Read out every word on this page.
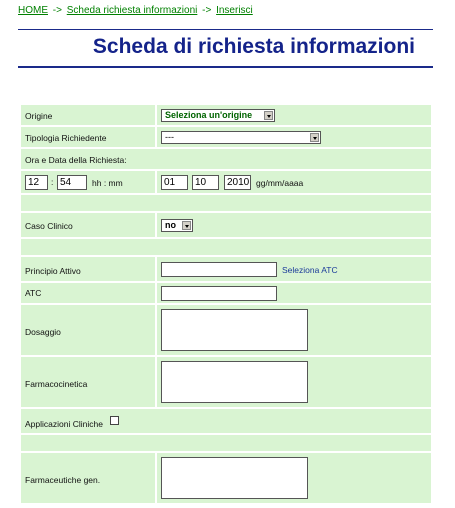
HOME -> Scheda richiesta informazioni -> Inserisci
Scheda di richiesta informazioni
Origine	Seleziona un'origine
Tipologia Richiedente	---
Ora e Data della Richiesta:
12	: 54	hh : mm	01	10	2010 gg/mm/aaaa
Caso Clinico	no
Principio Attivo	Seleziona ATC
ATC
Dosaggio
Farmacocinetica
Applicazioni Cliniche
Farmaceutiche gen.
